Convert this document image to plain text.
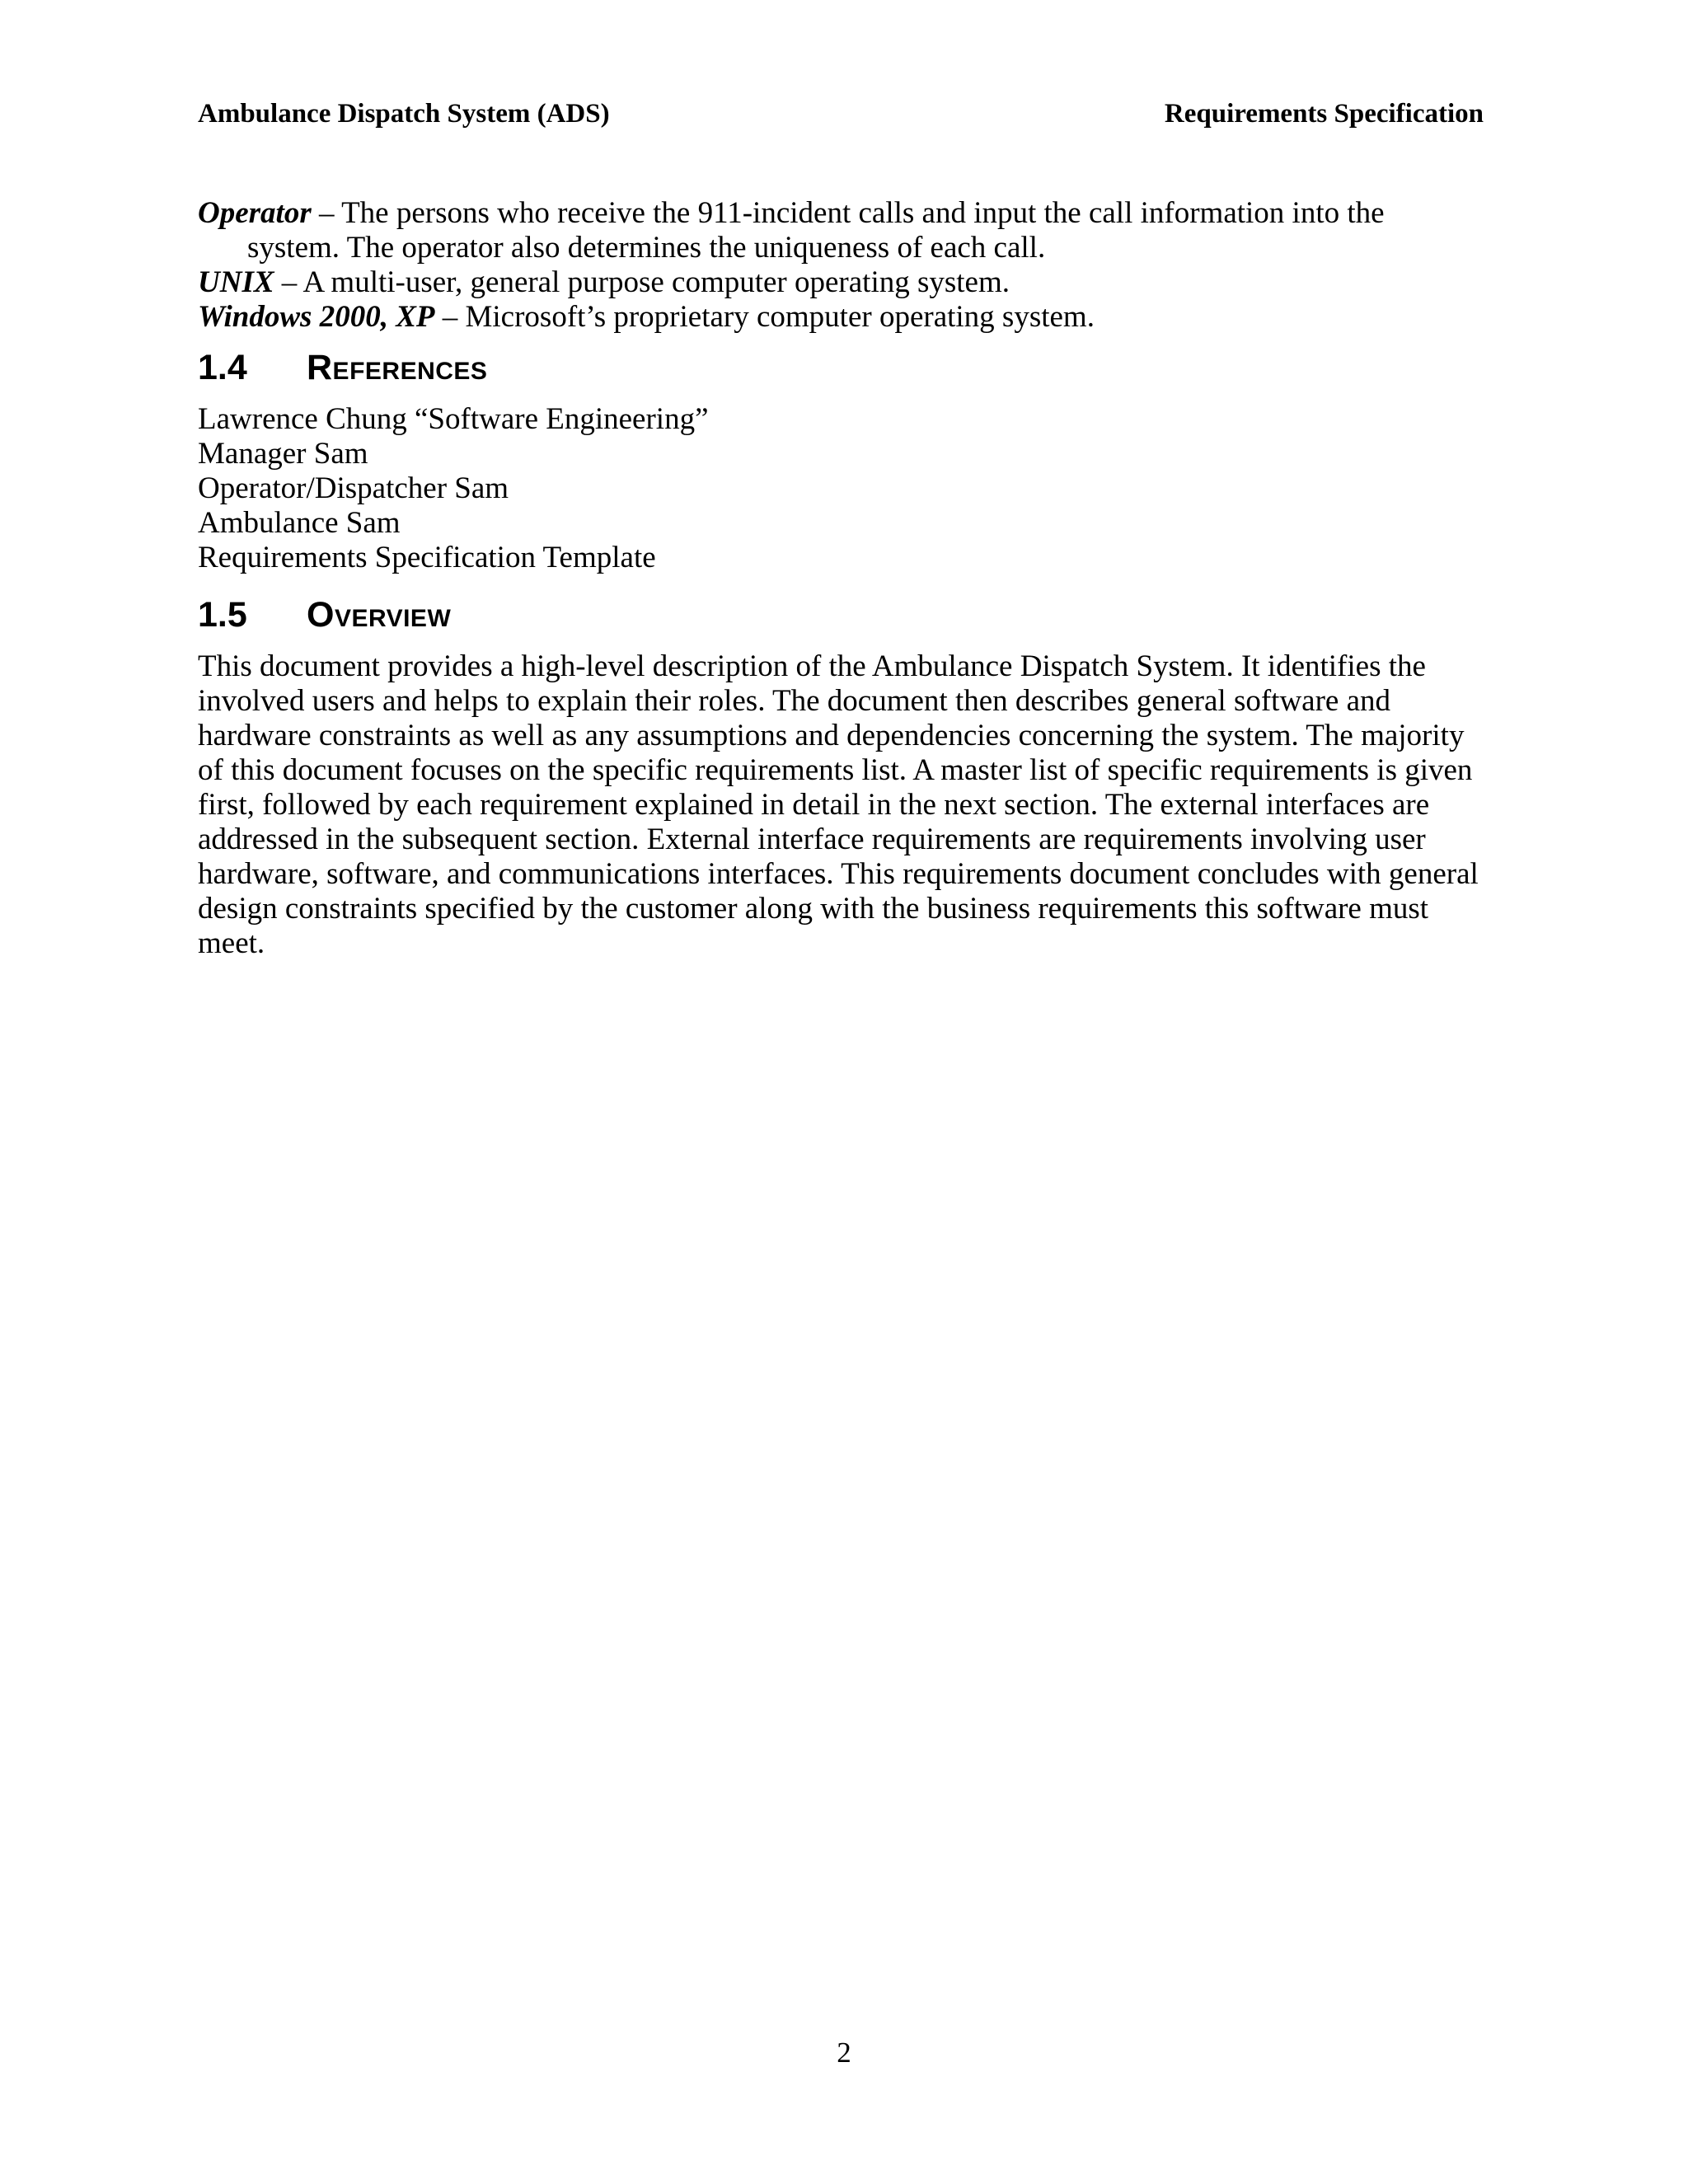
Ambulance Dispatch System (ADS)	Requirements Specification

Operator – The persons who receive the 911-incident calls and input the call information into the system. The operator also determines the uniqueness of each call.

UNIX – A multi-user, general purpose computer operating system.

Windows 2000, XP – Microsoft’s proprietary computer operating system.

1.4	References
Lawrence Chung “Software Engineering”
Manager Sam
Operator/Dispatcher Sam
Ambulance Sam
Requirements Specification Template
1.5	Overview

This document provides a high-level description of the Ambulance Dispatch System. It identifies the involved users and helps to explain their roles. The document then describes general software and hardware constraints as well as any assumptions and dependencies concerning the system. The majority of this document focuses on the specific requirements list. A master list of specific requirements is given first, followed by each requirement explained in detail in the next section. The external interfaces are addressed in the subsequent section. External interface requirements are requirements involving user hardware, software, and communications interfaces. This requirements document concludes with general design constraints specified by the customer along with the business requirements this software must meet.

2
